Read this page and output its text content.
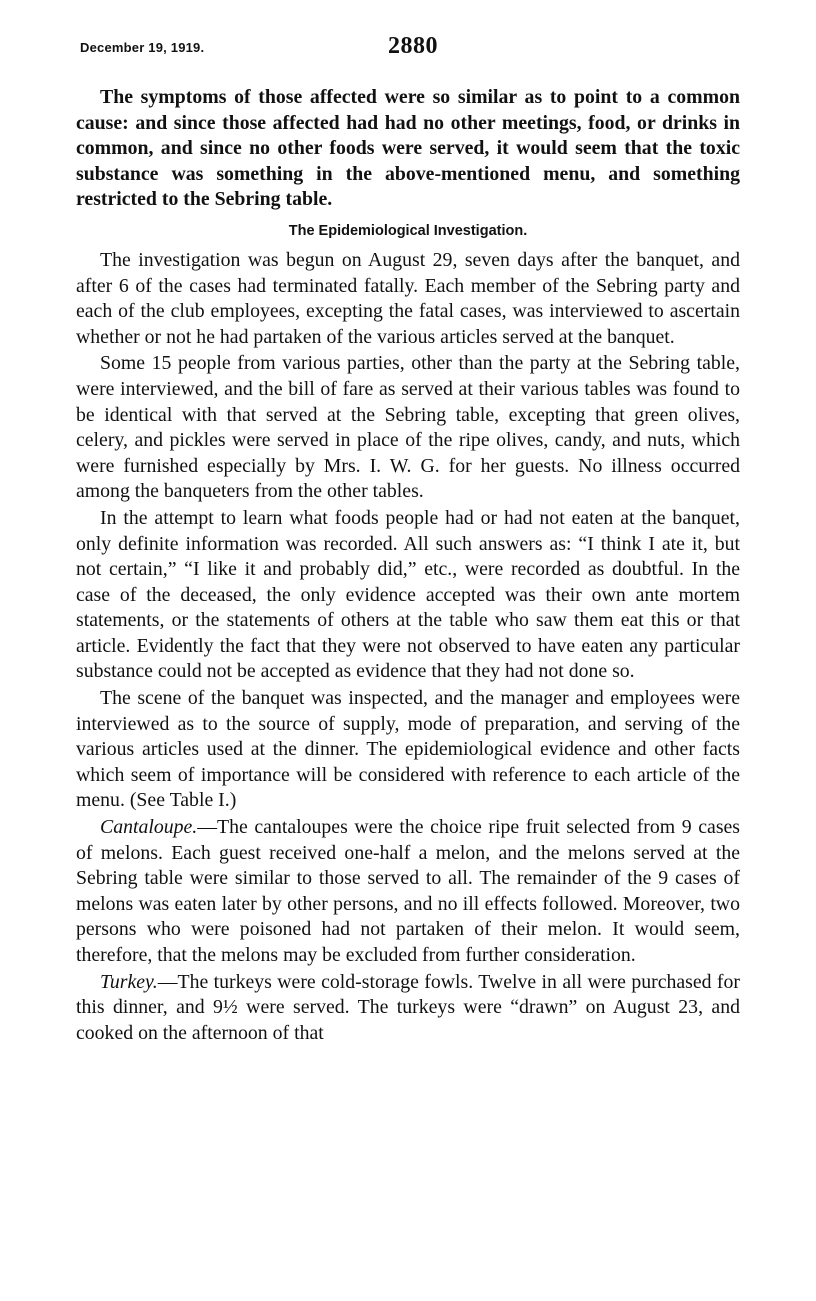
December 19, 1919.	2880

The symptoms of those affected were so similar as to point to a common cause: and since those affected had had no other meetings, food, or drinks in common, and since no other foods were served, it would seem that the toxic substance was something in the above-mentioned menu, and something restricted to the Sebring table.

The Epidemiological Investigation.

The investigation was begun on August 29, seven days after the banquet, and after 6 of the cases had terminated fatally. Each member of the Sebring party and each of the club employees, excepting the fatal cases, was interviewed to ascertain whether or not he had partaken of the various articles served at the banquet.

Some 15 people from various parties, other than the party at the Sebring table, were interviewed, and the bill of fare as served at their various tables was found to be identical with that served at the Sebring table, excepting that green olives, celery, and pickles were served in place of the ripe olives, candy, and nuts, which were furnished especially by Mrs. I. W. G. for her guests. No illness occurred among the banqueters from the other tables.

In the attempt to learn what foods people had or had not eaten at the banquet, only definite information was recorded. All such answers as: “I think I ate it, but not certain,” “I like it and probably did,” etc., were recorded as doubtful. In the case of the deceased, the only evidence accepted was their own ante mortem statements, or the statements of others at the table who saw them eat this or that article. Evidently the fact that they were not observed to have eaten any particular substance could not be accepted as evidence that they had not done so.

The scene of the banquet was inspected, and the manager and employees were interviewed as to the source of supply, mode of preparation, and serving of the various articles used at the dinner. The epidemiological evidence and other facts which seem of importance will be considered with reference to each article of the menu. (See Table I.)

Cantaloupe.—The cantaloupes were the choice ripe fruit selected from 9 cases of melons. Each guest received one-half a melon, and the melons served at the Sebring table were similar to those served to all. The remainder of the 9 cases of melons was eaten later by other persons, and no ill effects followed. Moreover, two persons who were poisoned had not partaken of their melon. It would seem, therefore, that the melons may be excluded from further consideration.

Turkey.—The turkeys were cold-storage fowls. Twelve in all were purchased for this dinner, and 9½ were served. The turkeys were “drawn” on August 23, and cooked on the afternoon of that
